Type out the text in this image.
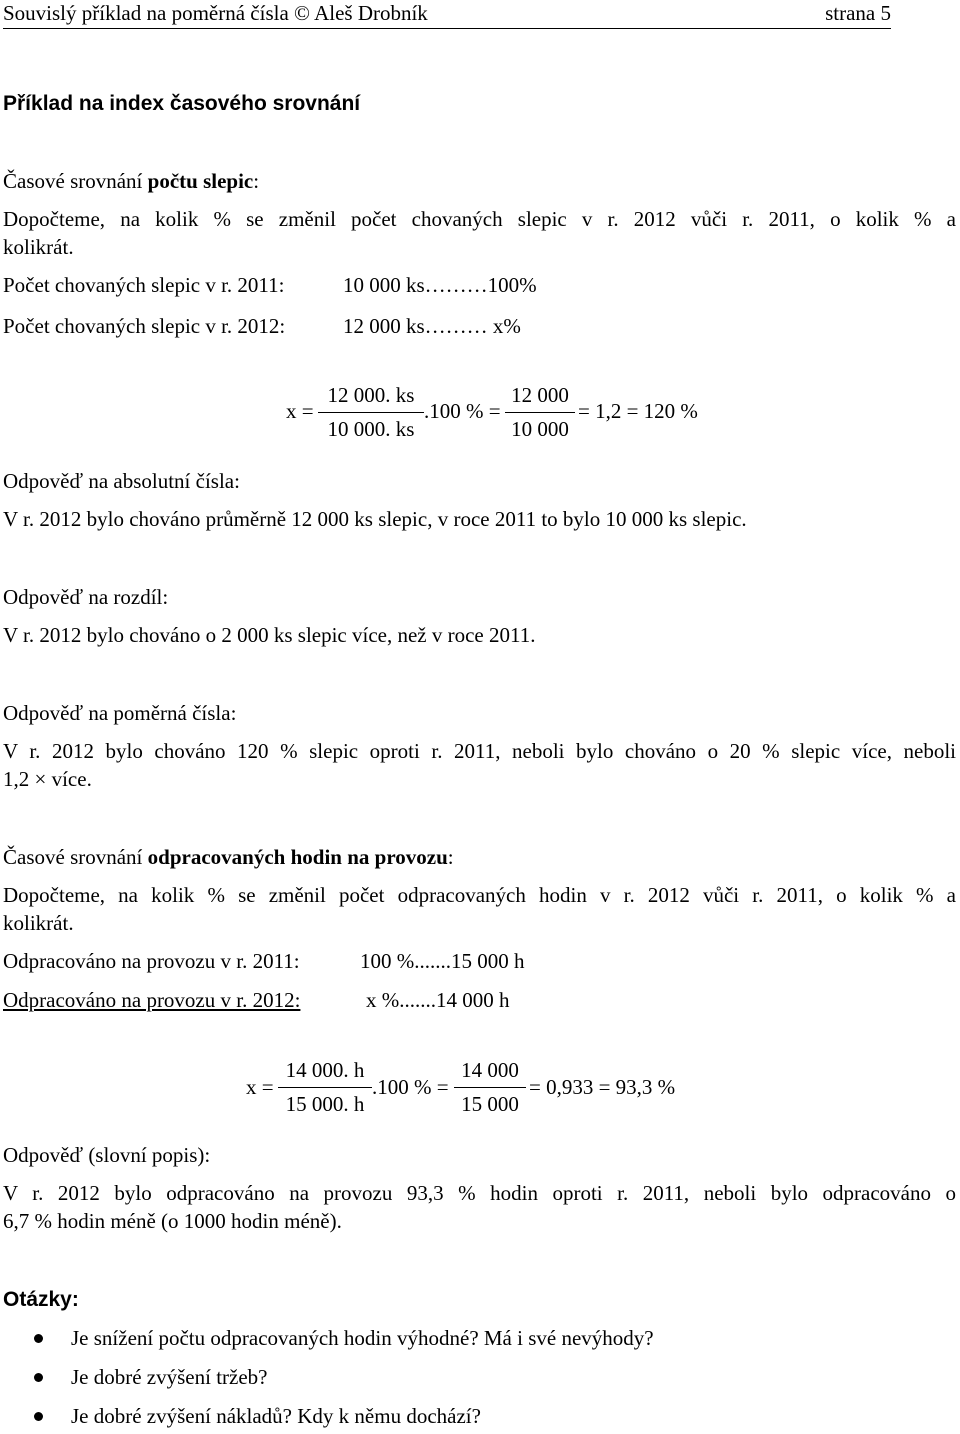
Souvislý příklad na poměrná čísla © Aleš Drobník	strana 5
Příklad na index časového srovnání
Časové srovnání počtu slepic:
Dopočteme, na kolik % se změnil počet chovaných slepic v r. 2012 vůči r. 2011, o kolik % a
kolikrát.
Počet chovaných slepic v r. 2011:	10 000 ks………100%
Počet chovaných slepic v r. 2012:	12 000 ks……… x%
$x = \frac{12 000. ks}{10 000. ks} .100$ % = $\frac{12 000}{10 000} = 1,2 = 120$ %
Odpověď na absolutní čísla:
V r. 2012 bylo chováno průměrně 12 000 ks slepic, v roce 2011 to bylo 10 000 ks slepic.
Odpověď na rozdíl:
V r. 2012 bylo chováno o 2 000 ks slepic více, než v roce 2011.
Odpověď na poměrná čísla:
V r. 2012 bylo chováno 120 % slepic oproti r. 2011, neboli bylo chováno o 20 % slepic více, neboli
1,2 × více.
Časové srovnání odpracovaných hodin na provozu:
Dopočteme, na kolik % se změnil počet odpracovaných hodin v r. 2012 vůči r. 2011, o kolik % a
kolikrát.
Odpracováno na provozu v r. 2011:	100 %.......15 000 h
Odpracováno na provozu v r. 2012:	x %.......14 000 h
$x = \frac{14 000. h}{15 000. h} .100$ % = $\frac{14 000}{15 000} = 0,933 = 93,3$ %
Odpověď (slovní popis):
V r. 2012 bylo odpracováno na provozu 93,3 % hodin oproti r. 2011, neboli bylo odpracováno o
6,7 % hodin méně (o 1000 hodin méně).
Otázky:
Je snížení počtu odpracovaných hodin výhodné? Má i své nevýhody?
Je dobré zvýšení tržeb?
Je dobré zvýšení nákladů? Kdy k němu dochází?
